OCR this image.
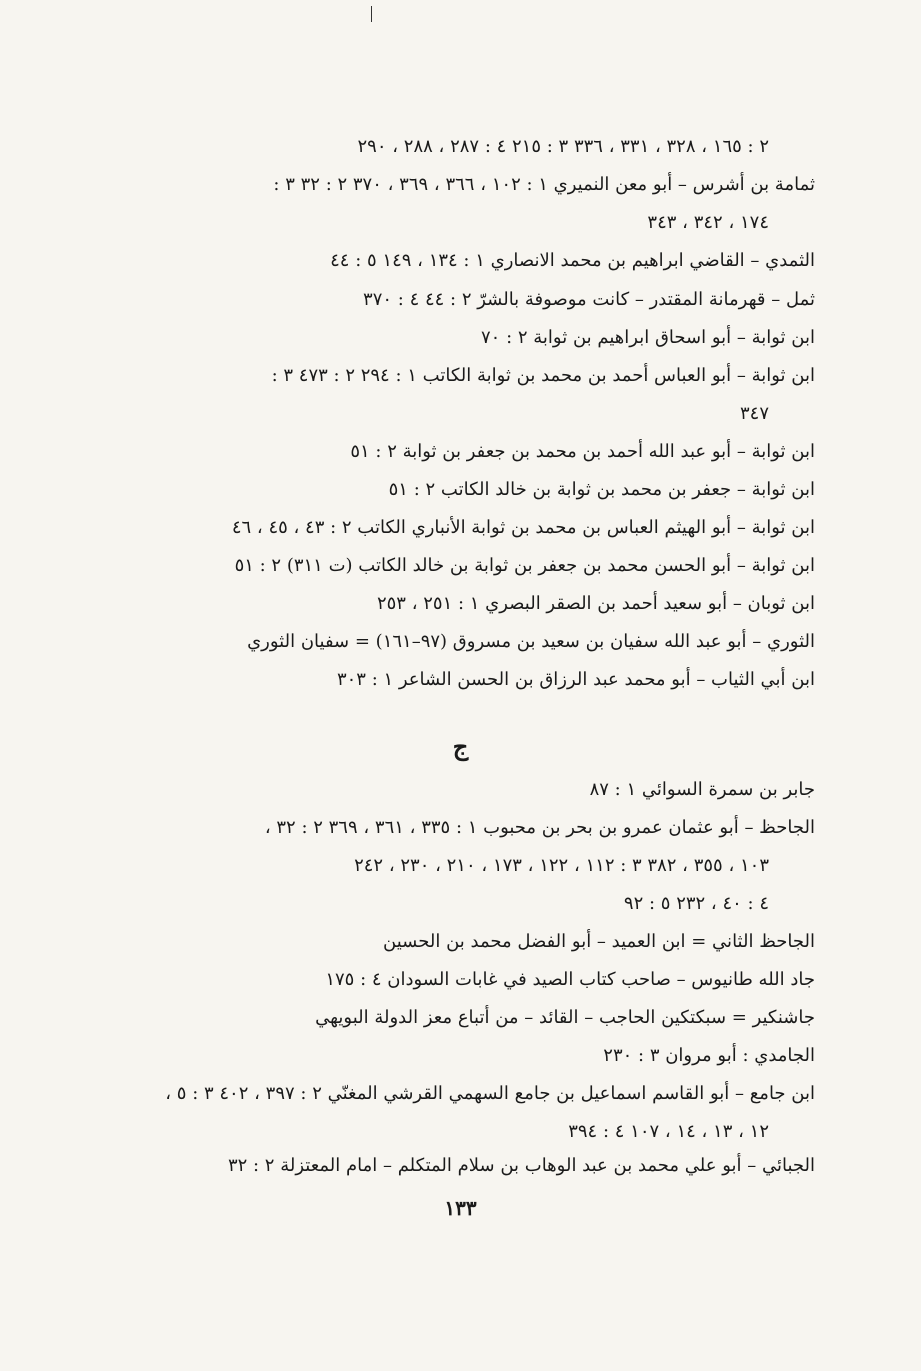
٢ : ١٦٥ ، ٣٢٨ ، ٣٣١ ، ٣٣٦ ٣ : ٢١٥ ٤ : ٢٨٧ ، ٢٨٨ ، ٢٩٠
ثمامة بن أشرس – أبو معن النميري ١ : ١٠٢ ، ٣٦٦ ، ٣٦٩ ، ٣٧٠ ٢ : ٣٢ ٣ :
١٧٤ ، ٣٤٢ ، ٣٤٣
الثمدي – القاضي ابراهيم بن محمد الانصاري ١ : ١٣٤ ، ١٤٩ ٥ : ٤٤
ثمل – قهرمانة المقتدر – كانت موصوفة بالشرّ ٢ : ٤٤ ٤ : ٣٧٠
ابن ثوابة – أبو اسحاق ابراهيم بن ثوابة ٢ : ٧٠
ابن ثوابة – أبو العباس أحمد بن محمد بن ثوابة الكاتب ١ : ٢٩٤ ٢ : ٤٧٣ ٣ :
٣٤٧
ابن ثوابة – أبو عبد الله أحمد بن محمد بن جعفر بن ثوابة ٢ : ٥١
ابن ثوابة – جعفر بن محمد بن ثوابة بن خالد الكاتب ٢ : ٥١
ابن ثوابة – أبو الهيثم العباس بن محمد بن ثوابة الأنباري الكاتب ٢ : ٤٣ ، ٤٥ ، ٤٦
ابن ثوابة – أبو الحسن محمد بن جعفر بن ثوابة بن خالد الكاتب (ت ٣١١) ٢ : ٥١
ابن ثوبان – أبو سعيد أحمد بن الصقر البصري ١ : ٢٥١ ، ٢٥٣
الثوري – أبو عبد الله سفيان بن سعيد بن مسروق (٩٧–١٦١) = سفيان الثوري
ابن أبي الثياب – أبو محمد عبد الرزاق بن الحسن الشاعر ١ : ٣٠٣
ج
جابر بن سمرة السوائي ١ : ٨٧
الجاحظ – أبو عثمان عمرو بن بحر بن محبوب ١ : ٣٣٥ ، ٣٦١ ، ٣٦٩ ٢ : ٣٢ ،
١٠٣ ، ٣٥٥ ، ٣٨٢ ٣ : ١١٢ ، ١٢٢ ، ١٧٣ ، ٢١٠ ، ٢٣٠ ، ٢٤٢
٤ : ٤٠ ، ٢٣٢ ٥ : ٩٢
الجاحظ الثاني = ابن العميد – أبو الفضل محمد بن الحسين
جاد الله طانيوس – صاحب كتاب الصيد في غابات السودان ٤ : ١٧٥
جاشنكير = سبكتكين الحاجب – القائد – من أتباع معز الدولة البويهي
الجامدي : أبو مروان ٣ : ٢٣٠
ابن جامع – أبو القاسم اسماعيل بن جامع السهمي القرشي المغنّي ٢ : ٣٩٧ ، ٤٠٢ ٣ : ٥ ،
١٢ ، ١٣ ، ١٤ ، ١٠٧ ٤ : ٣٩٤
الجبائي – أبو علي محمد بن عبد الوهاب بن سلام المتكلم – امام المعتزلة ٢ : ٣٢
١٣٣
